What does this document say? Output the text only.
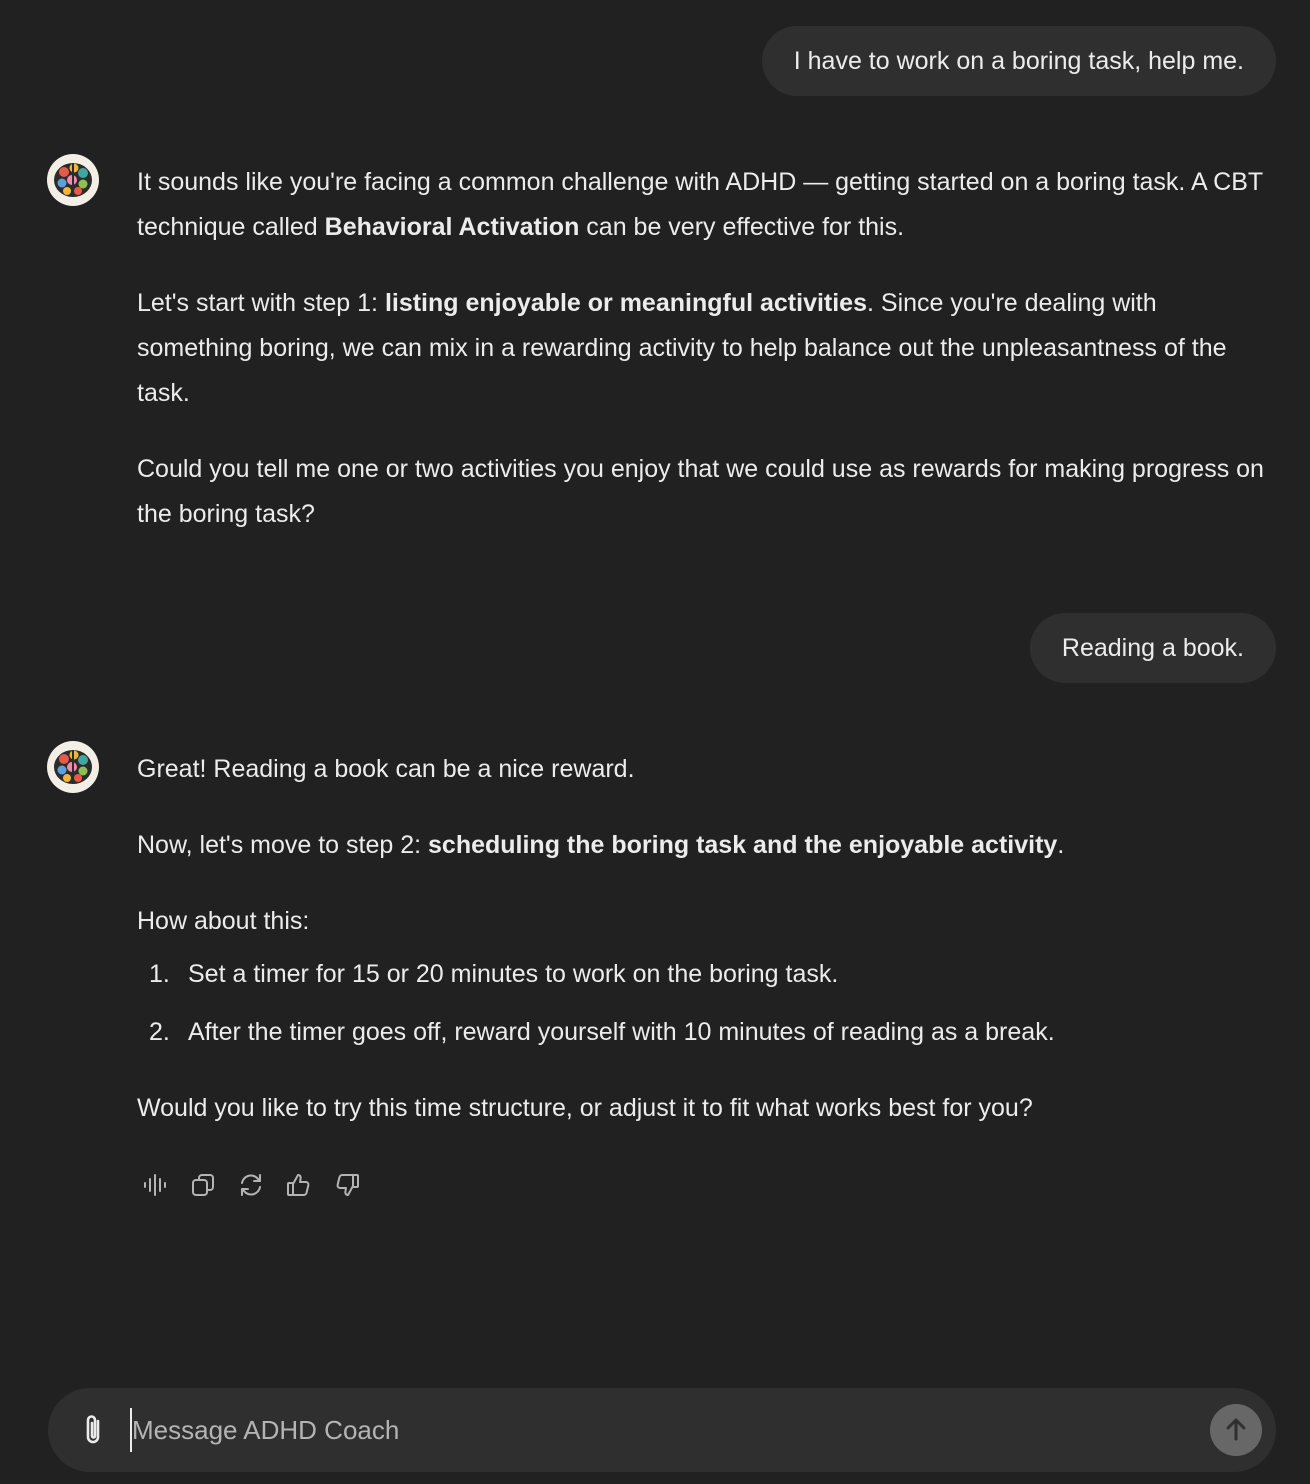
I have to work on a boring task, help me.

It sounds like you're facing a common challenge with ADHD — getting started on a boring task. A CBT technique called Behavioral Activation can be very effective for this.

Let's start with step 1: listing enjoyable or meaningful activities. Since you're dealing with something boring, we can mix in a rewarding activity to help balance out the unpleasantness of the task.

Could you tell me one or two activities you enjoy that we could use as rewards for making progress on the boring task?

Reading a book.

Great! Reading a book can be a nice reward.

Now, let's move to step 2: scheduling the boring task and the enjoyable activity.

How about this:

1. Set a timer for 15 or 20 minutes to work on the boring task.
2. After the timer goes off, reward yourself with 10 minutes of reading as a break.

Would you like to try this time structure, or adjust it to fit what works best for you?

Message ADHD Coach
